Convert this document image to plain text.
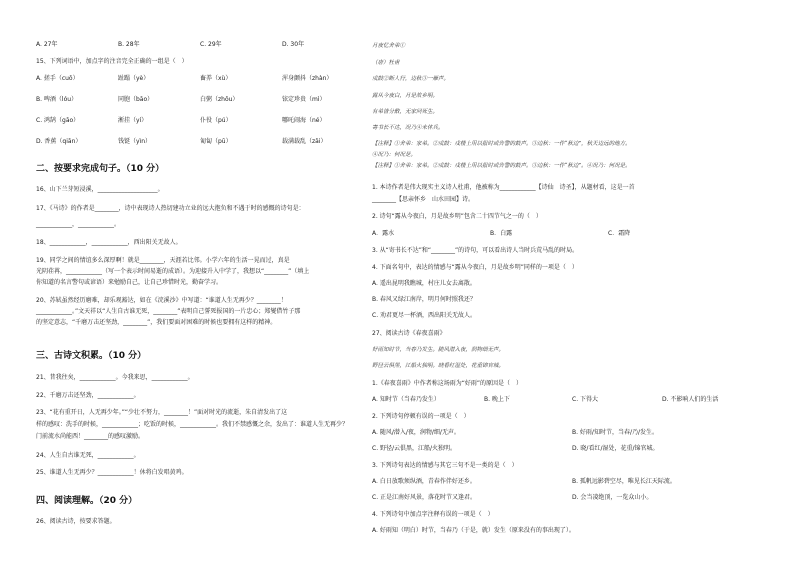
A. 27年	B. 28年	C. 29年	D. 30年
15、下列词语中，加点字的注音完全正确的一组是（　）
A. 搓手（cuō）	趾蹋（yè）	畜养（xù）	浑身颤抖（zhàn）
B. 啤酒（lóu）	同胞（bāo）	白粥（zhōu）	铱定珍贵（mì）
C. 鸿鹄（gāo）	淅挂（yí）	仆役（pú）	哪吒闹海（né）
D. 香蕉（qiān）	钱铤（yìn）	匍匐（pū）	载满载乱（zāi）
二、按要求完成句子。（10 分）
16、山下兰芽短浸溪，____________________。
17、《马诗》的作者是________，诗中表现诗人热切建功立业的远大抱负和不遇于时的感慨的诗句是：
____________，____________。
18、____________，____________，西出阳关无故人。
19、同学之间的情谊多么深厚啊！就是________，天涯若比邻。小学六年的生活一晃而过，真是
光阴荏苒，____________（写一个表示时间易逝的成语）。为迎接升入中学了，我想以“________”（填上
你知道的名言警句或谚语）来勉励自己，让自己珍惜时光，勤奋学习。
20、苏轼虽然经历磨难，却乐观豁达，如在《浣溪沙》中写道：“谁道人生无再少？________！
____________。”文天祥以“人生自古谁无死，________”表明自己誓死报国的一片忠心；郑燮借竹子那
的坚定意志，“千磨万击还坚劲，________”，我们要面对困难的时候也要拥有这样的精神。
三、古诗文积累。（10 分）
21、昔我往矣，____________。今我来思，____________。
22、千磨万击还坚劲，____________。
23、“花有重开日，人无再少年。”“少壮不努力，________！”面对时光的流逝，朱自清发出了这
样的感叹：洗手的时候，____________；吃饭的时候，____________。我们不禁感慨之余，发出了：谁道人生无再少？
门前流水尚能西！________的感叹激励。
24、人生自古谁无死，____________。
25、谁道人生无再少？____________！休将白发唱黄鸡。
四、阅读理解。（20 分）
26、阅读古诗，按要求答题。
月夜忆舍弟①
（唐）杜甫
戍鼓②断人行，边秋③一雁声。
露从今夜白，月是故乡明。
有弟皆分散，无家问死生。
寄书长不达，况乃④未休兵。
【注释】①舍弟：家弟。②戍鼓：戍楼上用以报时或告警的鼓声。③边秋：一作“秋边”，秋天边远的地方。
④况乃：何况是。
【注释】①舍弟：家弟。②戍鼓：戍楼上用以报时或告警的鼓声。③边秋：一作“秋边”。④况乃：何况是。
1. 本诗作者是伟大现实主义诗人杜甫，他被称为____________【诗仙　诗圣】，从题材看，这是一首
________【思亲怀乡　山水田园】诗。
2. 诗句“露从今夜白，月是故乡明”包含二十四节气之一的（　）
A．露水	B．白露	C．霜降
3. 从“寄书长不达”和“________”的诗句，可以看出诗人当时兵荒马乱的时局。
4. 下面名句中，表达的情感与“露从今夜白，月是故乡明”同样的一项是（　）
A. 遥出昆明我瞧城，村庄儿女去离散。
B. 春风又绿江南岸，明月何时照我还？
C. 劝君更尽一杯酒，西出阳关无故人。
27、阅读古诗《春夜喜雨》
好雨知时节，当春乃发生。随风潜入夜，润物细无声。
野径云俱黑，江船火独明。晓看红湿处，花重锦官城。
1.《春夜喜雨》中作者称这场雨为“好雨”的原因是（　）
A. 知时节（当春乃发生）	B. 晚上下	C. 下得大	D. 不影响人们的生活
2. 下列诗句停顿有误的一项是（　）
A. 随风/潜入/夜，润物/细/无声。	B. 好雨/知时节，当春/乃/发生。
C. 野径/云俱黑，江船/火独明。	D. 晓/看红/湿处，花重/锦官城。
3. 下列诗句表达的情感与其它三句不是一类的是（　）
A. 白日放歌须纵酒，青春作伴好还乡。	B. 孤帆远影碧空尽，唯见长江天际流。
C. 正是江南好风景，落花时节又逢君。	D. 会当凌绝顶，一览众山小。
4. 下列诗句中加点字注释有误的一项是（　）
A. 好雨知（明白）时节，当春乃（于是，就）发生（原来没有的事出现了）。
